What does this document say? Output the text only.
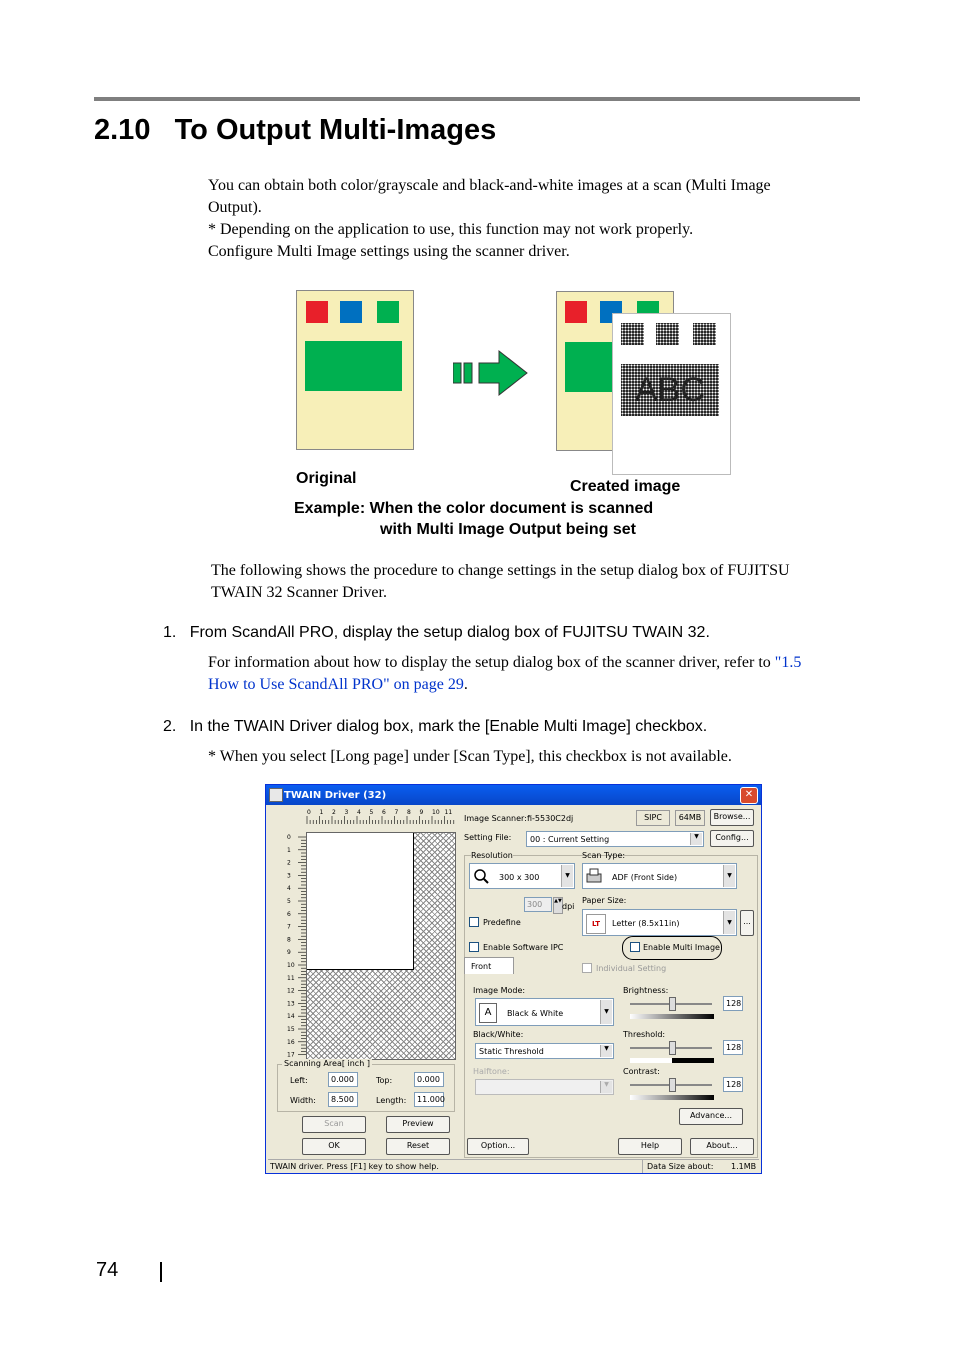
2.10 To Output Multi-Images
You can obtain both color/grayscale and black-and-white images at a scan (Multi Image
Output).
* Depending on the application to use, this function may not work properly.
Configure Multi Image settings using the scanner driver.
ABC
Original	Created image
Example: When the color document is scanned
with Multi Image Output being set
The following shows the procedure to change settings in the setup dialog box of FUJITSU
TWAIN 32 Scanner Driver.
1. From ScandAll PRO, display the setup dialog box of FUJITSU TWAIN 32.
For information about how to display the setup dialog box of the scanner driver, refer to "1.5
How to Use ScandAll PRO" on page 29.
2. In the TWAIN Driver dialog box, mark the [Enable Multi Image] checkbox.
* When you select [Long page] under [Scan Type], this checkbox is not available.
TWAIN Driver (32)	✕
0 1 2 3 4 5 6 7 8 9 10 11
0
1
2
3
4
5
6
7
8
9
10
11
12
13
14
15
16
17
Scanning Area[ inch ]
Left:	0.000	Top:	0.000
Width:	8.500	Length:	11.000
Scan	Preview
OK	Reset
Image Scanner: fi-5530C2dj	SIPC	64MB	Browse...
Setting File: 00 : Current Setting	▼	Config...
Resolution
300 x 300	▼
Scan Type:
ADF (Front Side)	▼
300	▲▼
dpi
Predefine
Paper Size:
LT	Letter (8.5x11in)	▼	...
Enable Software IPC	Enable Multi Image
Front	Individual Setting
Image Mode:
A	Black & White	▼
Black/White:
Static Threshold	▼
Halftone:
▼
Brightness:
128
Threshold:
128
Contrast:
128
Advance...
Option...	Help	About...
TWAIN driver. Press [F1] key to show help.	Data Size about: 1.1MB
74
